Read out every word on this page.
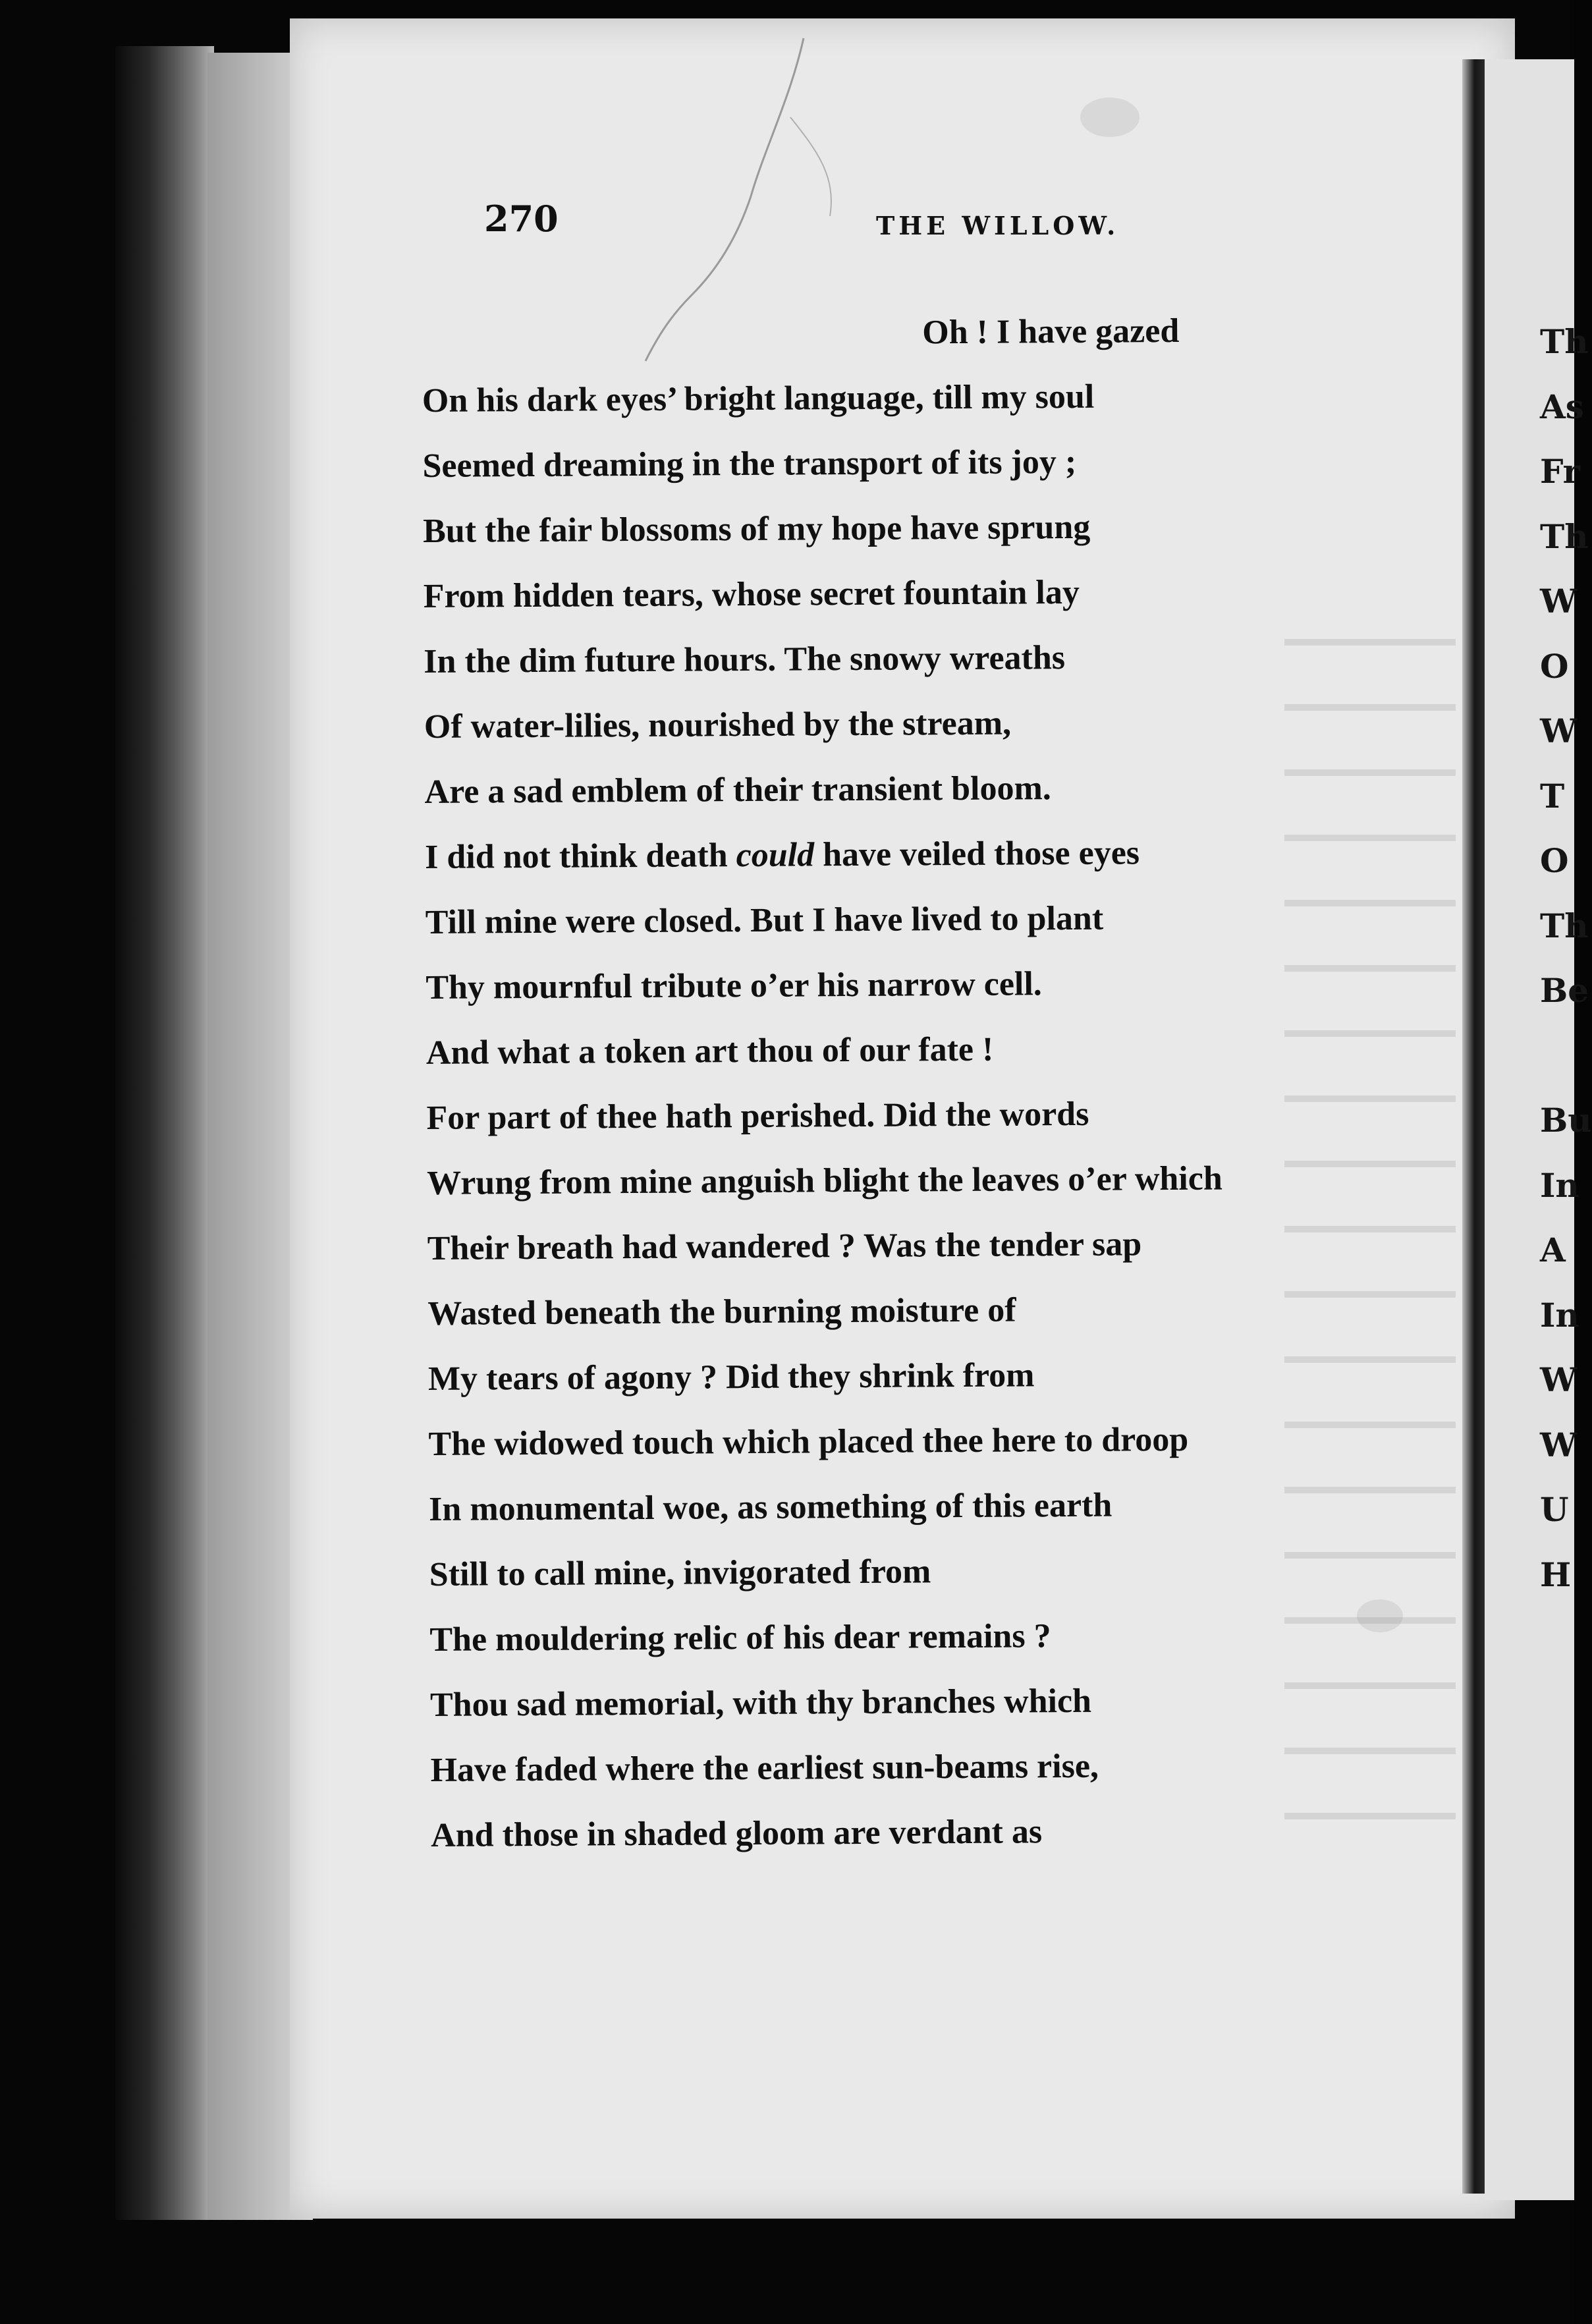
Th
As
Fr
Th
W
O
W
T
O
Th
Be
Bu
In
A
In
W
W
U
H
270	THE WILLOW.
Oh ! I have gazed
On his dark eyes’ bright language, till my soul
Seemed dreaming in the transport of its joy ;
But the fair blossoms of my hope have sprung
From hidden tears, whose secret fountain lay
In the dim future hours. The snowy wreaths
Of water-lilies, nourished by the stream,
Are a sad emblem of their transient bloom.
I did not think death could have veiled those eyes
Till mine were closed. But I have lived to plant
Thy mournful tribute o’er his narrow cell.
And what a token art thou of our fate !
For part of thee hath perished. Did the words
Wrung from mine anguish blight the leaves o’er which
Their breath had wandered ? Was the tender sap
Wasted beneath the burning moisture of
My tears of agony ? Did they shrink from
The widowed touch which placed thee here to droop
In monumental woe, as something of this earth
Still to call mine, invigorated from
The mouldering relic of his dear remains ?
Thou sad memorial, with thy branches which
Have faded where the earliest sun-beams rise,
And those in shaded gloom are verdant as
